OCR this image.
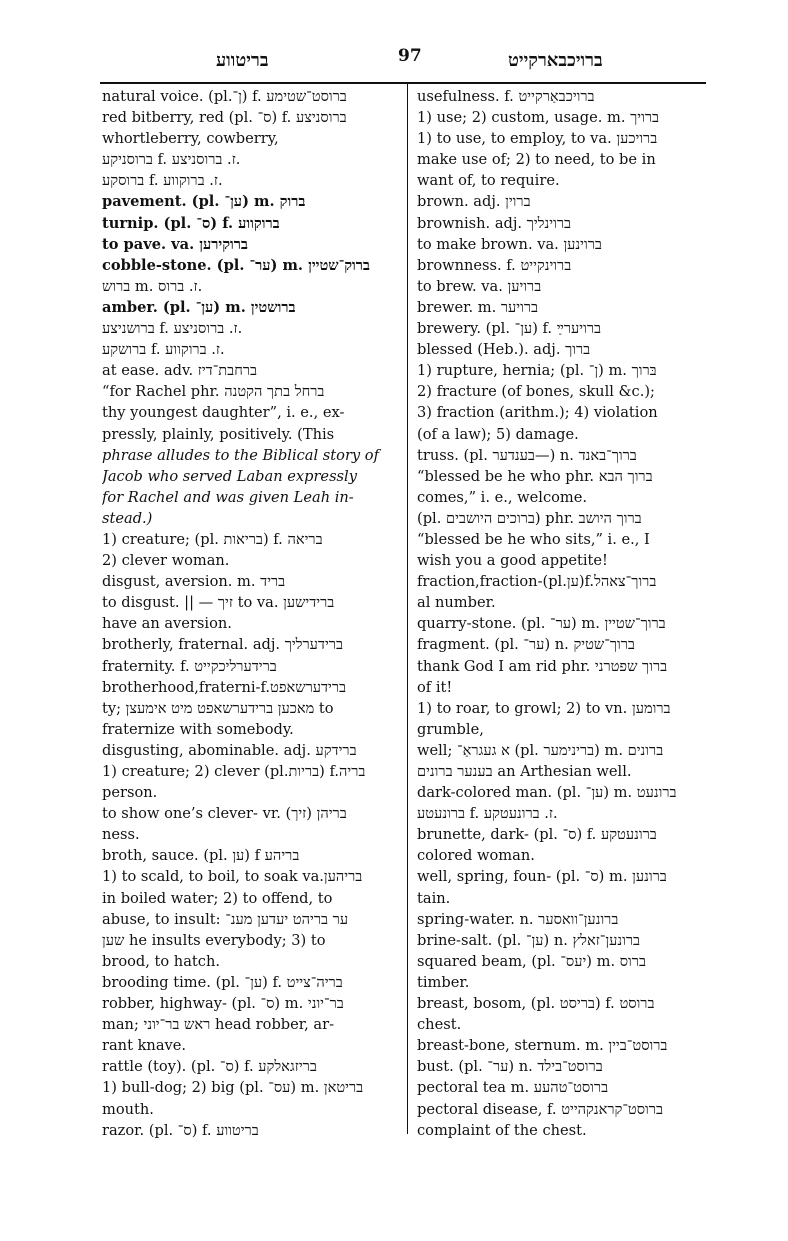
בריטווע	97	ברויכבארקייט
natural voice. (pl.ן־) f. ברוסט־שטימע
red bitberry, red (pl. ס־) f. ברוסניצע
whortleberry, cowberry,
ברוסניקע f. ז. ברוסניצע.
ברוסקע f. ז. ברוקווע.
pavement. (pl. ען־) m. ברוק
turnip. (pl. ס־) f. ברוקווע
to pave. va. ברוקירען
cobble-stone. (pl. ער־) m. ברוק־שטיין
ברוש m. ז. ברוס.
amber. (pl. ען־) m. ברושטין
ברושניצע f. ז. ברוסניצע.
ברושקע f. ז. ברוקווע.
at ease. adv. ברחבת־דיז
“for Rachel phr. ברחל בתך הקטנה
thy youngest daughter”, i. e., ex-
pressly, plainly, positively. (This
phrase alludes to the Biblical story of
Jacob who served Laban expressly
for Rachel and was given Leah in-
stead.)
1) creature; (pl. בריאות) f. בריאה
2) clever woman.
disgust, aversion. m. בריד
to disgust. || — זיך to va. ברידישען
have an aversion.
brotherly, fraternal. adj. ברידערליך
fraternity. f. ברידערליכקייט
brotherhood,fraterni-f.ברידערשאפט
ty; מאכען ברידערשאפט מיט אימעצן to
fraternize with somebody.
disgusting, abominable. adj. ברידקע
1) creature; 2) clever (pl.בריות) f.בריה
person.
to show one’s clever- vr. (זיך) בריהן
ness.
broth, sauce. (pl. ען) f בריהע
1) to scald, to boil, to soak va.בריהען
in boiled water; 2) to offend, to
abuse, to insult: ער בריהט יעדען מענ־
שען he insults everybody; 3) to
brood, to hatch.
brooding time. (pl. ען־) f. בריה־צייט
robber, highway- (pl. ס־) m. בר־יוני
man; ראש בר־יוני head robber, ar-
rant knave.
rattle (toy). (pl. ס־) f. בריזגאלקע
1) bull-dog; 2) big (pl. עס־) m. בריטאן
mouth.
razor. (pl. ס־) f. בריטווע
usefulness. f. ברויכבאַרקייט
1) use; 2) custom, usage. m. ברויך
1) to use, to employ, to va. ברויכען
make use of; 2) to need, to be in
want of, to require.
brown. adj. ברוין
brownish. adj. ברוינליך
to make brown. va. ברוינען
brownness. f. ברוינקייט
to brew. va. ברויען
brewer. m. ברויער
brewery. (pl. ען־) f. ברויערײַ
blessed (Heb.). adj. ברוך
1) rupture, hernia; (pl. ן־) m. בּרוך
2) fracture (of bones, skull &c.);
3) fraction (arithm.); 4) violation
(of a law); 5) damage.
truss. (pl. בענדער—) n. ברוך־באנד
“blessed be he who phr. ברוך הבא
comes,” i. e., welcome.
(pl. ברוכים היושבים) phr. ברוך היושב
“blessed be he who sits,” i. e., I
wish you a good appetite!
fraction,fraction-(pl.ען)f.ברוך־צאהל
al number.
quarry-stone. (pl. ער־) m. ברוך־שטיין
fragment. (pl. ער־) n. ברוך־שטיק
thank God I am rid phr. ברוך שפטרני
of it!
1) to roar, to growl; 2) to vn. ברומען
grumble,
well; א געגראַ־ (pl. ברינימער) m. ברונים
בענער ברונים an Arthesian well.
dark-colored man. (pl. ען־) m. ברונעט
ברונעטע f. ז. ברונעטקע.
brunette, dark- (pl. ס־) f. ברונעטקע
colored woman.
well, spring, foun- (pl. ס־) m. ברונען
tain.
spring-water. n. ברונען־וואסער
brine-salt. (pl. ען־) n. ברונען־זאלץ
squared beam, (pl. יעס־) m. ברוס
timber.
breast, bosom, (pl. בריסט) f. ברוסט
chest.
breast-bone, sternum. m. ברוסט־ביין
bust. (pl. ער־) n. ברוסט־בילד
pectoral tea m. ברוסט־טהעע
pectoral disease, f. ברוסט־קראנקהייט
complaint of the chest.
